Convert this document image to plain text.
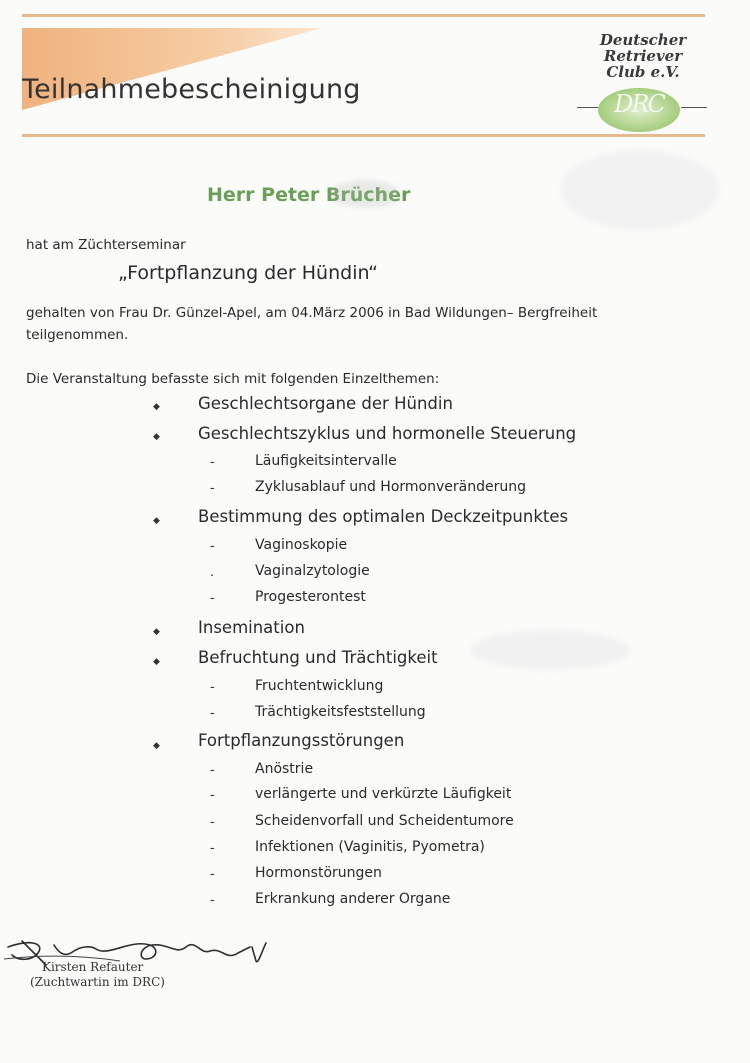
Teilnahmebescheinigung
Deutscher
Retriever
Club e.V.
DRC
Herr Peter Brücher
hat am Züchterseminar
„Fortpflanzung der Hündin“
gehalten von Frau Dr. Günzel-Apel, am 04.März 2006 in Bad Wildungen– Bergfreiheit
teilgenommen.
Die Veranstaltung befasste sich mit folgenden Einzelthemen:
◆ Geschlechtsorgane der Hündin
◆ Geschlechtszyklus und hormonelle Steuerung
-	Läufigkeitsintervalle
-	Zyklusablauf und Hormonveränderung
◆ Bestimmung des optimalen Deckzeitpunktes
-	Vaginoskopie
.	Vaginalzytologie
-	Progesterontest
◆ Insemination
◆ Befruchtung und Trächtigkeit
-	Fruchtentwicklung
-	Trächtigkeitsfeststellung
◆ Fortpflanzungsstörungen
-	Anöstrie
-	verlängerte und verkürzte Läufigkeit
-	Scheidenvorfall und Scheidentumore
-	Infektionen (Vaginitis, Pyometra)
-	Hormonstörungen
-	Erkrankung anderer Organe
Kirsten Refauter
(Zuchtwartin im DRC)
